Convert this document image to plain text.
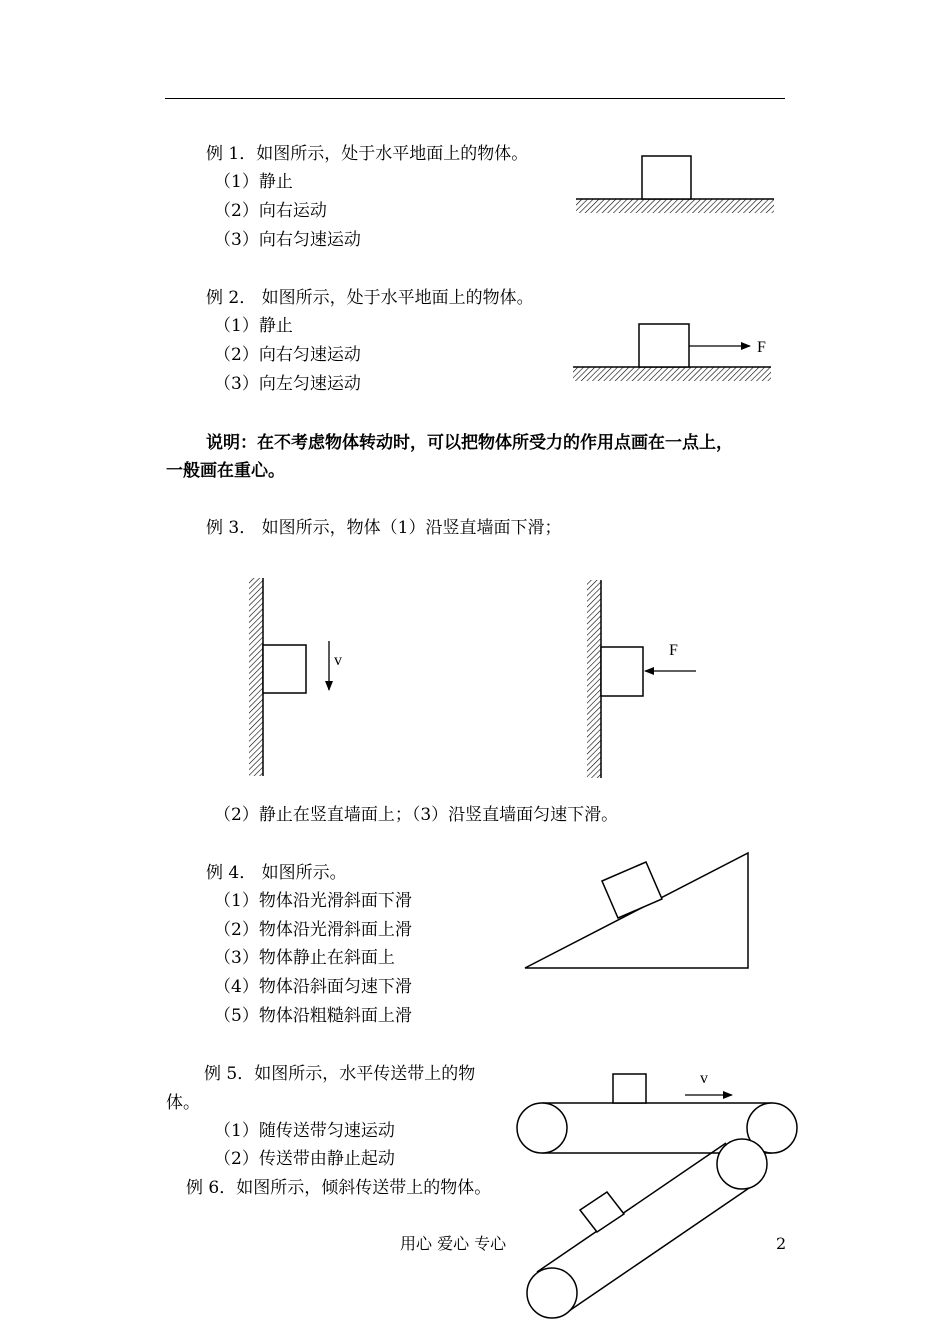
例 1．如图所示，处于水平地面上的物体。
（1）静止
（2）向右运动
（3）向右匀速运动
例 2． 如图所示，处于水平地面上的物体。
（1）静止
（2）向右匀速运动
（3）向左匀速运动
说明：在不考虑物体转动时，可以把物体所受力的作用点画在一点上，
一般画在重心。
例 3． 如图所示，物体（1）沿竖直墙面下滑；
（2）静止在竖直墙面上；（3）沿竖直墙面匀速下滑。
例 4． 如图所示。
（1）物体沿光滑斜面下滑
（2）物体沿光滑斜面上滑
（3）物体静止在斜面上
（4）物体沿斜面匀速下滑
（5）物体沿粗糙斜面上滑
例 5．如图所示，水平传送带上的物
体。
（1）随传送带匀速运动
（2）传送带由静止起动
例 6．如图所示，倾斜传送带上的物体。
用心 爱心 专心	2
F
v
F
v
